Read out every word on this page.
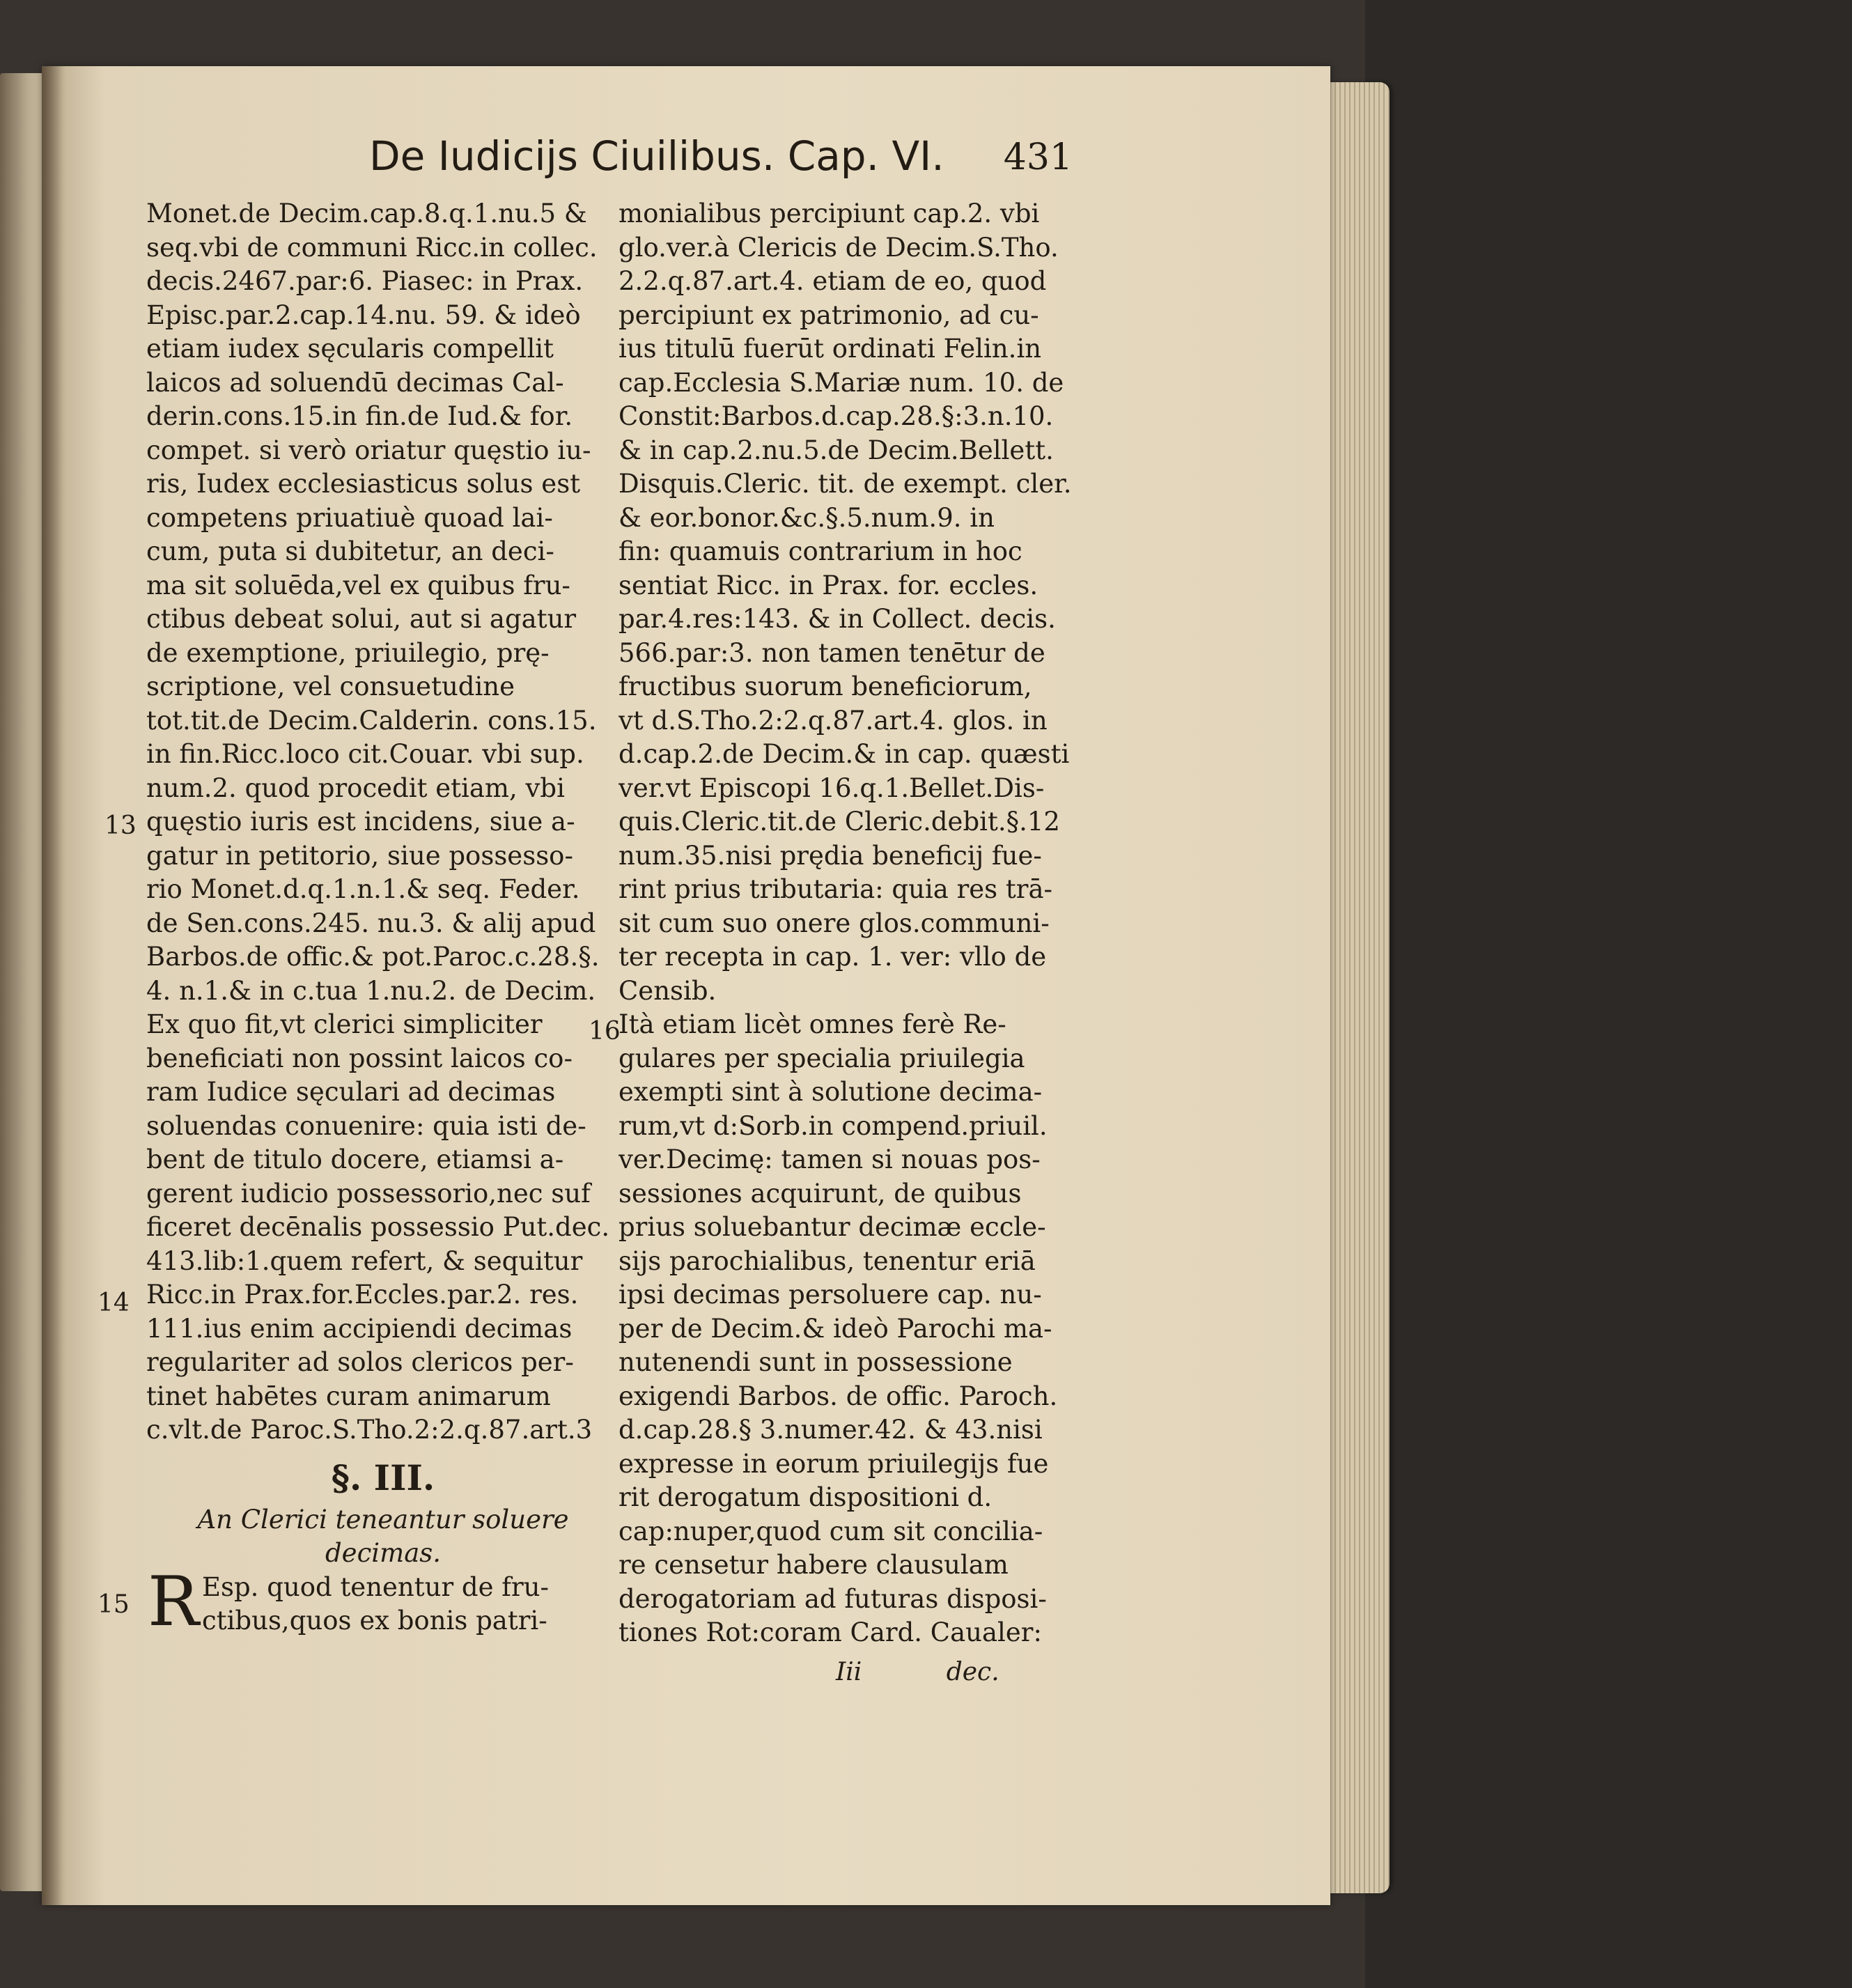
De Iudicijs Ciuilibus. Cap. VI. 431
13
14
15
16
Monet.de Decim.cap.8.q.1.nu.5 &
seq.vbi de communi Ricc.in collec.
decis.2467.par:6. Piasec: in Prax.
Episc.par.2.cap.14.nu. 59. & ideò
etiam iudex sęcularis compellit
laicos ad soluendū decimas Cal-
derin.cons.15.in fin.de Iud.& for.
compet. si verò oriatur quęstio iu-
ris, Iudex ecclesiasticus solus est
competens priuatiuè quoad lai-
cum, puta si dubitetur, an deci-
ma sit soluēda,vel ex quibus fru-
ctibus debeat solui, aut si agatur
de exemptione, priuilegio, prę-
scriptione, vel consuetudine
tot.tit.de Decim.Calderin. cons.15.
in fin.Ricc.loco cit.Couar. vbi sup.
num.2. quod procedit etiam, vbi
quęstio iuris est incidens, siue a-
gatur in petitorio, siue possesso-
rio Monet.d.q.1.n.1.& seq. Feder.
de Sen.cons.245. nu.3. & alij apud
Barbos.de offic.& pot.Paroc.c.28.§.
4. n.1.& in c.tua 1.nu.2. de Decim.
Ex quo fit,vt clerici simpliciter
beneficiati non possint laicos co-
ram Iudice sęculari ad decimas
soluendas conuenire: quia isti de-
bent de titulo docere, etiamsi a-
gerent iudicio possessorio,nec suf
ficeret decēnalis possessio Put.dec.
413.lib:1.quem refert, & sequitur
Ricc.in Prax.for.Eccles.par.2. res.
111.ius enim accipiendi decimas
regulariter ad solos clericos per-
tinet habētes curam animarum
c.vlt.de Paroc.S.Tho.2:2.q.87.art.3
§. III.
An Clerici teneantur soluere
decimas.
R Esp. quod tenentur de fru-
ctibus,quos ex bonis patri-
monialibus percipiunt cap.2. vbi
glo.ver.à Clericis de Decim.S.Tho.
2.2.q.87.art.4. etiam de eo, quod
percipiunt ex patrimonio, ad cu-
ius titulū fuerūt ordinati Felin.in
cap.Ecclesia S.Mariæ num. 10. de
Constit:Barbos.d.cap.28.§:3.n.10.
& in cap.2.nu.5.de Decim.Bellett.
Disquis.Cleric. tit. de exempt. cler.
& eor.bonor.&c.§.5.num.9. in
fin: quamuis contrarium in hoc
sentiat Ricc. in Prax. for. eccles.
par.4.res:143. & in Collect. decis.
566.par:3. non tamen tenētur de
fructibus suorum beneficiorum,
vt d.S.Tho.2:2.q.87.art.4. glos. in
d.cap.2.de Decim.& in cap. quæsti
ver.vt Episcopi 16.q.1.Bellet.Dis-
quis.Cleric.tit.de Cleric.debit.§.12
num.35.nisi prędia beneficij fue-
rint prius tributaria: quia res trā-
sit cum suo onere glos.communi-
ter recepta in cap. 1. ver: vllo de
Censib.
Ità etiam licèt omnes ferè Re-
gulares per specialia priuilegia
exempti sint à solutione decima-
rum,vt d:Sorb.in compend.priuil.
ver.Decimę: tamen si nouas pos-
sessiones acquirunt, de quibus
prius soluebantur decimæ eccle-
sijs parochialibus, tenentur eriā
ipsi decimas persoluere cap. nu-
per de Decim.& ideò Parochi ma-
nutenendi sunt in possessione
exigendi Barbos. de offic. Paroch.
d.cap.28.§ 3.numer.42. & 43.nisi
expresse in eorum priuilegijs fue
rit derogatum dispositioni d.
cap:nuper,quod cum sit concilia-
re censetur habere clausulam
derogatoriam ad futuras disposi-
tiones Rot:coram Card. Caualer:
Iii	dec.
